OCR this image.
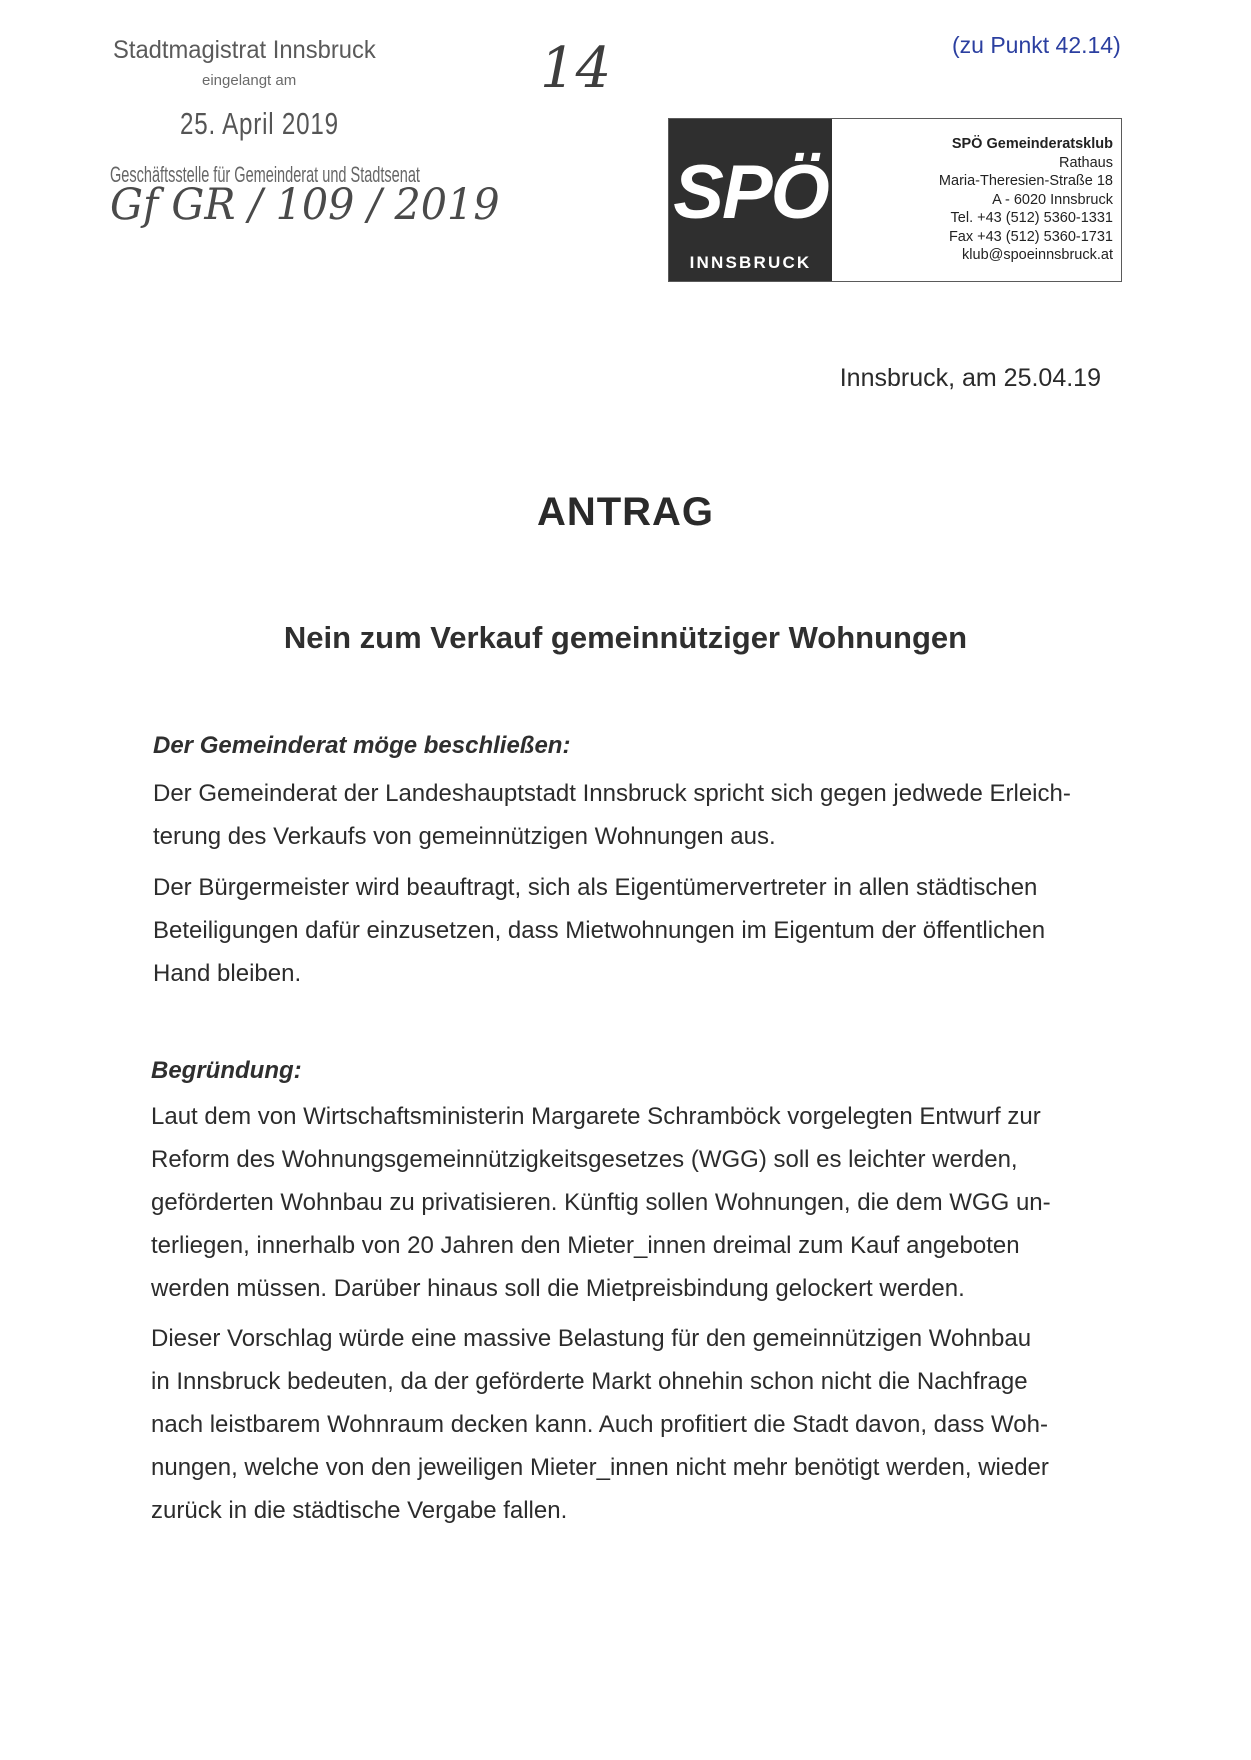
Stadtmagistrat Innsbruck
eingelangt am
25. April 2019
Geschäftsstelle für Gemeinderat und Stadtsenat
Gf GR / 109 / 2019
14	(zu Punkt 42.14)
SPÖ
INNSBRUCK
SPÖ Gemeinderatsklub
Rathaus
Maria-Theresien-Straße 18
A - 6020 Innsbruck
Tel. +43 (512) 5360-1331
Fax +43 (512) 5360-1731
klub@spoeinnsbruck.at
Innsbruck, am 25.04.19
ANTRAG
Nein zum Verkauf gemeinnütziger Wohnungen
Der Gemeinderat möge beschließen:
Der Gemeinderat der Landeshauptstadt Innsbruck spricht sich gegen jedwede Erleich-
terung des Verkaufs von gemeinnützigen Wohnungen aus.
Der Bürgermeister wird beauftragt, sich als Eigentümervertreter in allen städtischen
Beteiligungen dafür einzusetzen, dass Mietwohnungen im Eigentum der öffentlichen
Hand bleiben.
Begründung:
Laut dem von Wirtschaftsministerin Margarete Schramböck vorgelegten Entwurf zur
Reform des Wohnungsgemeinnützigkeitsgesetzes (WGG) soll es leichter werden,
geförderten Wohnbau zu privatisieren. Künftig sollen Wohnungen, die dem WGG un-
terliegen, innerhalb von 20 Jahren den Mieter_innen dreimal zum Kauf angeboten
werden müssen. Darüber hinaus soll die Mietpreisbindung gelockert werden.
Dieser Vorschlag würde eine massive Belastung für den gemeinnützigen Wohnbau
in Innsbruck bedeuten, da der geförderte Markt ohnehin schon nicht die Nachfrage
nach leistbarem Wohnraum decken kann. Auch profitiert die Stadt davon, dass Woh-
nungen, welche von den jeweiligen Mieter_innen nicht mehr benötigt werden, wieder
zurück in die städtische Vergabe fallen.
